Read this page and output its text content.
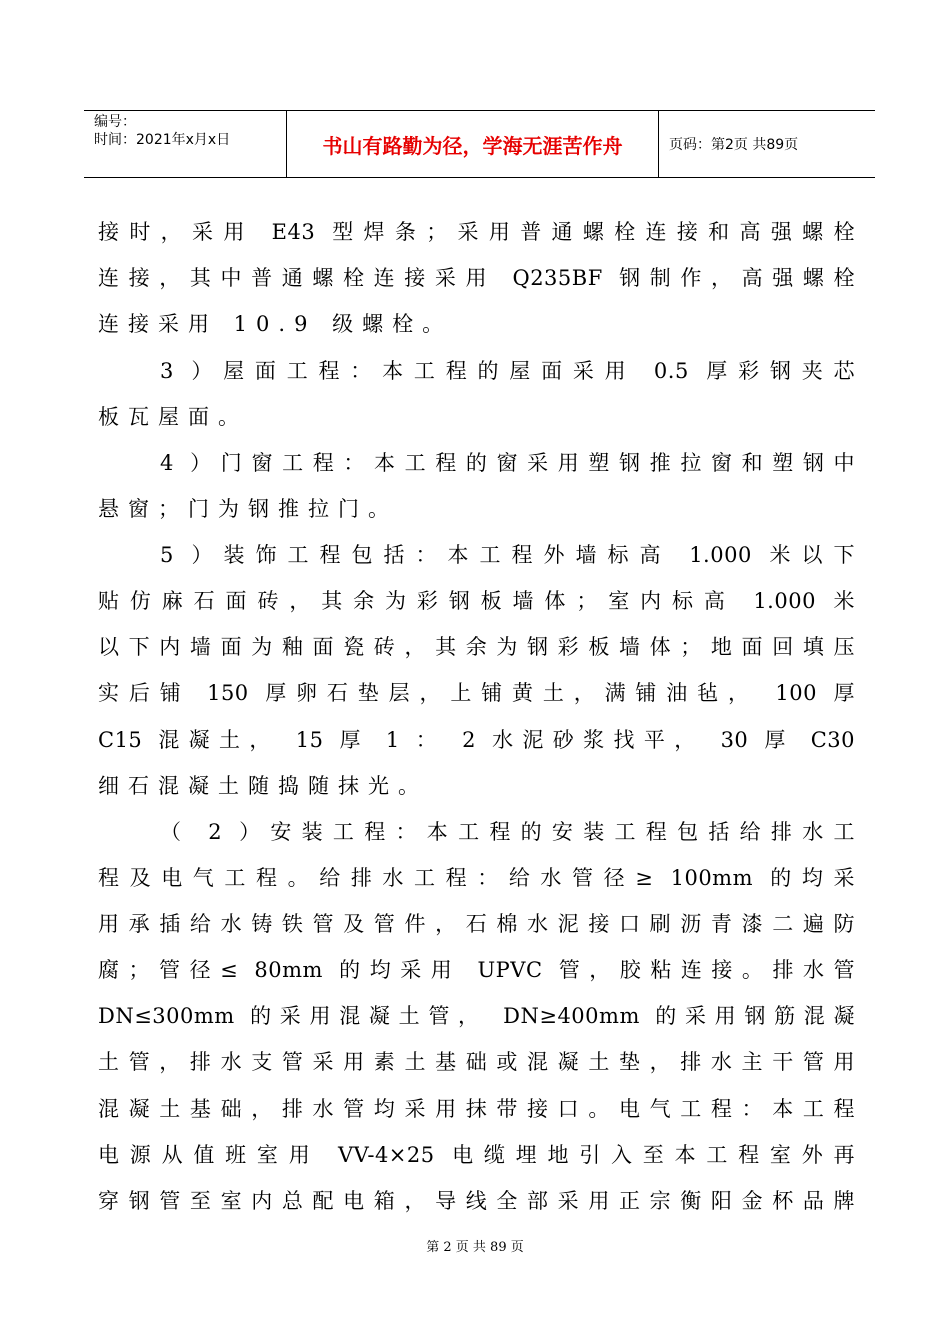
编号：
时间：2021年x月x日	书山有路勤为径，学海无涯苦作舟	页码：第2页 共89页
接时，采用 E43 型焊条；采用普通螺栓连接和高强螺栓
连接，其中普通螺栓连接采用 Q235BF 钢制作，高强螺栓
连接采用 10.9 级螺栓。
3 ）屋面工程：本工程的屋面采用 0.5 厚彩钢夹芯
板瓦屋面。
4 ）门窗工程：本工程的窗采用塑钢推拉窗和塑钢中
悬窗；门为钢推拉门。
5 ）装饰工程包括：本工程外墙标高 1.000 米以下
贴仿麻石面砖，其余为彩钢板墙体；室内标高 1.000 米
以下内墙面为釉面瓷砖，其余为钢彩板墙体；地面回填压
实后铺 150 厚卵石垫层，上铺黄土，满铺油毡， 100 厚
C15 混凝土， 15 厚 1 ： 2 水泥砂浆找平， 30 厚 C30
细石混凝土随捣随抹光。
（ 2 ）安装工程：本工程的安装工程包括给排水工
程及电气工程。给排水工程：给水管径≥ 100mm 的均采
用承插给水铸铁管及管件，石棉水泥接口刷沥青漆二遍防
腐；管径≤ 80mm 的均采用 UPVC 管，胶粘连接。排水管
DN≤300mm 的采用混凝土管， DN≥400mm 的采用钢筋混凝
土管，排水支管采用素土基础或混凝土垫，排水主干管用
混凝土基础，排水管均采用抹带接口。电气工程：本工程
电源从值班室用 VV-4×25 电缆埋地引入至本工程室外再
穿钢管至室内总配电箱，导线全部采用正宗衡阳金杯品牌
第 2 页 共 89 页
